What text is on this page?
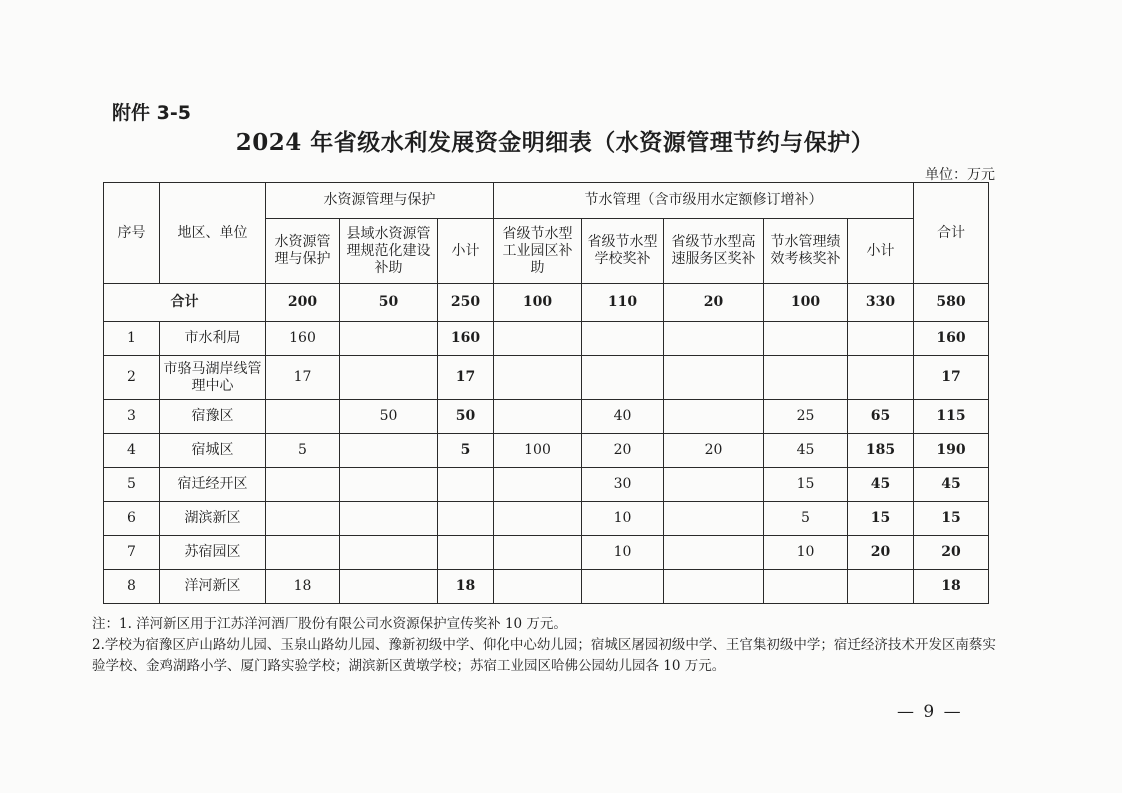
附件 3-5
2024 年省级水利发展资金明细表（水资源管理节约与保护）
单位：万元
序号	地区、单位	水资源管理与保护			节水管理（含市级用水定额修订增补）					合计
		水资源管理与保护	县域水资源管理规范化建设补助	小计	省级节水型工业园区补助	省级节水型学校奖补	省级节水型高速服务区奖补	节水管理绩效考核奖补	小计	
合计		200	50	250	100	110	20	100	330	580
1	市水利局	160		160						160
2	市骆马湖岸线管理中心	17		17						17
3	宿豫区		50	50		40		25	65	115
4	宿城区	5		5	100	20	20	45	185	190
5	宿迁经开区					30		15	45	45
6	湖滨新区					10		5	15	15
7	苏宿园区					10		10	20	20
8	洋河新区	18		18						18

注：1. 洋河新区用于江苏洋河酒厂股份有限公司水资源保护宣传奖补 10 万元。

2.学校为宿豫区庐山路幼儿园、玉泉山路幼儿园、豫新初级中学、仰化中心幼儿园；宿城区屠园初级中学、王官集初级中学；宿迁经济技术开发区南蔡实验学校、金鸡湖路小学、厦门路实验学校；湖滨新区黄墩学校；苏宿工业园区哈佛公园幼儿园各 10 万元。

— 9 —
